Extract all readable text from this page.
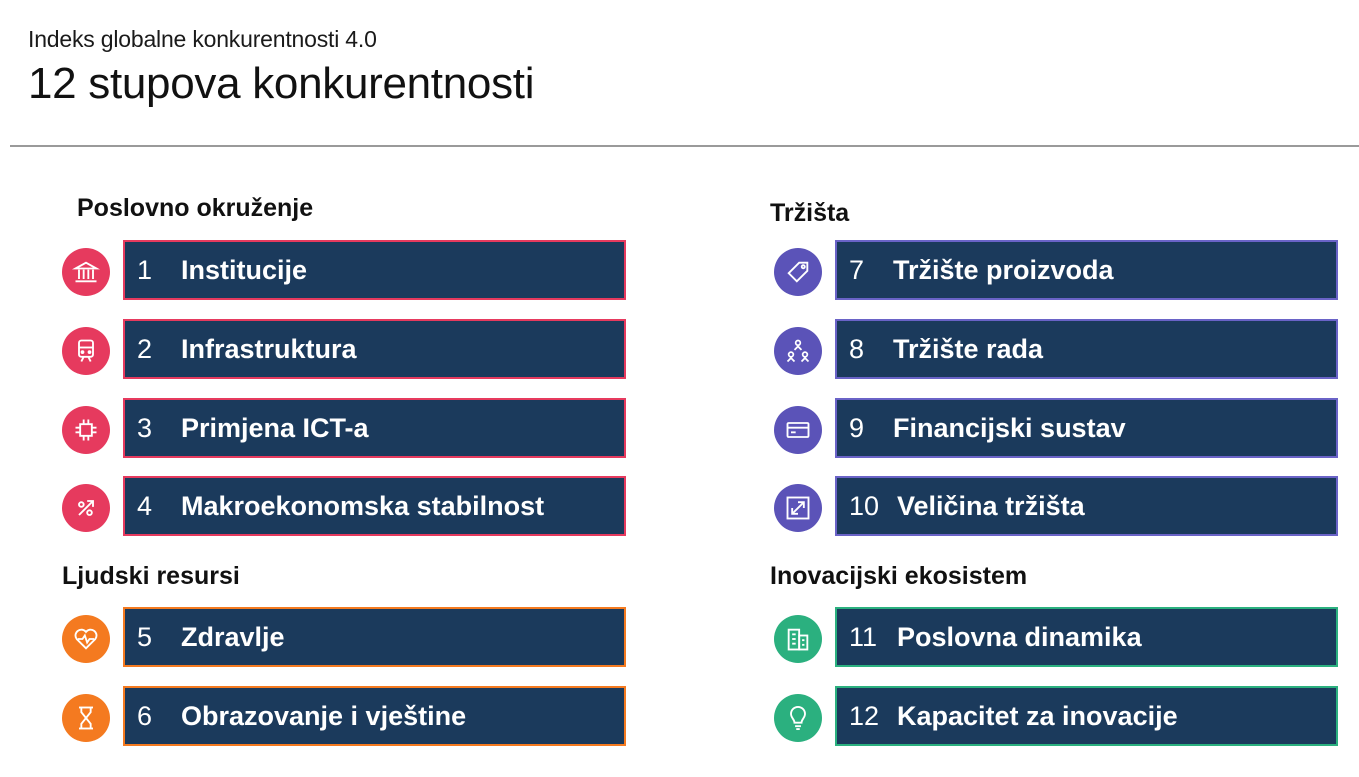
Indeks globalne konkurentnosti 4.0
12 stupova konkurentnosti
Poslovno okruženje
1	Institucije
2	Infrastruktura
3	Primjena ICT-a
4	Makroekonomska stabilnost
Ljudski resursi
5	Zdravlje
6	Obrazovanje i vještine
Tržišta
7	Tržište proizvoda
8	Tržište rada
9	Financijski sustav
10 Veličina tržišta
Inovacijski ekosistem
11 Poslovna dinamika
12 Kapacitet za inovacije
